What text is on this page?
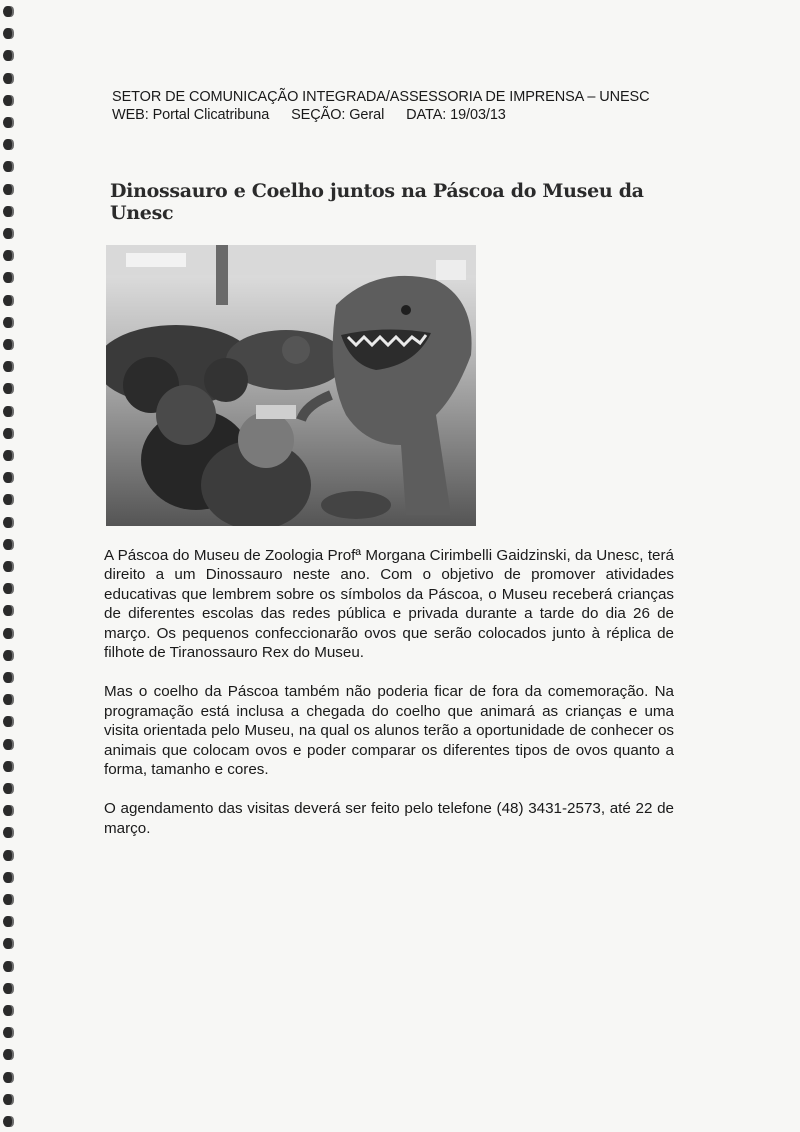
SETOR DE COMUNICAÇÃO INTEGRADA/ASSESSORIA DE IMPRENSA – UNESC
WEB: Portal Clicatribuna SEÇÃO: Geral DATA: 19/03/13
Dinossauro e Coelho juntos na Páscoa do Museu da Unesc

A Páscoa do Museu de Zoologia Profª Morgana Cirimbelli Gaidzinski, da Unesc, terá direito a um Dinossauro neste ano. Com o objetivo de promover atividades educativas que lembrem sobre os símbolos da Páscoa, o Museu receberá crianças de diferentes escolas das redes pública e privada durante a tarde do dia 26 de março. Os pequenos confeccionarão ovos que serão colocados junto à réplica de filhote de Tiranossauro Rex do Museu.

Mas o coelho da Páscoa também não poderia ficar de fora da comemoração. Na programação está inclusa a chegada do coelho que animará as crianças e uma visita orientada pelo Museu, na qual os alunos terão a oportunidade de conhecer os animais que colocam ovos e poder comparar os diferentes tipos de ovos quanto a forma, tamanho e cores.

O agendamento das visitas deverá ser feito pelo telefone (48) 3431-2573, até 22 de março.
